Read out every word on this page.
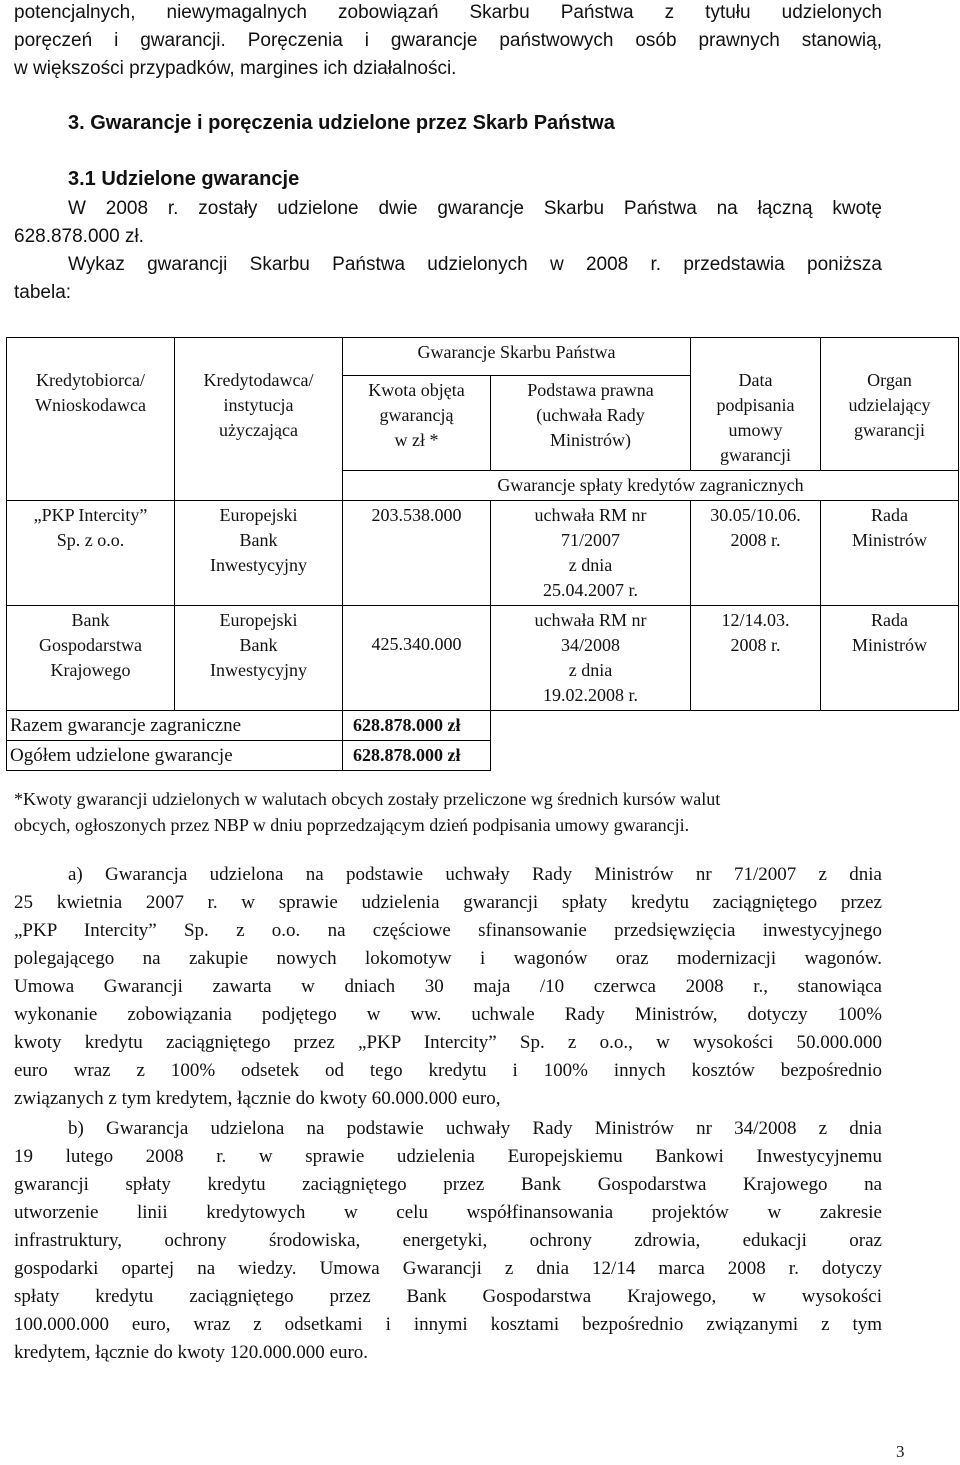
potencjalnych, niewymagalnych zobowiązań Skarbu Państwa z tytułu udzielonych
poręczeń i gwarancji. Poręczenia i gwarancje państwowych osób prawnych stanowią,
w większości przypadków, margines ich działalności.
3. Gwarancje i poręczenia udzielone przez Skarb Państwa
3.1 Udzielone gwarancje
W 2008 r. zostały udzielone dwie gwarancje Skarbu Państwa na łączną kwotę
628.878.000 zł.
Wykaz gwarancji Skarbu Państwa udzielonych w 2008 r. przedstawia poniższa
tabela:
Kredytobiorca/
Wnioskodawca	Kredytodawca/
instytucja
użyczająca	Gwarancje Skarbu Państwa		Data
podpisania
umowy
gwarancji	Organ
udzielający
gwarancji

		Kwota objęta
gwarancją
w zł *	Podstawa prawna
(uchwała Rady
Ministrów)		

		Gwarancje spłaty kredytów zagranicznych			

„PKP Intercity”
Sp. z o.o.	Europejski
Bank
Inwestycyjny	203.538.000	uchwała RM nr
71/2007
z dnia
25.04.2007 r.	30.05/10.06.
2008 r.	Rada
Ministrów

Bank
Gospodarstwa
Krajowego	Europejski
Bank
Inwestycyjny	425.340.000	uchwała RM nr
34/2008
z dnia
19.02.2008 r.	12/14.03.
2008 r.	Rada
Ministrów

Razem gwarancje zagraniczne		628.878.000 zł			
Ogółem udzielone gwarancje		628.878.000 zł			
*Kwoty gwarancji udzielonych w walutach obcych zostały przeliczone wg średnich kursów walut
obcych, ogłoszonych przez NBP w dniu poprzedzającym dzień podpisania umowy gwarancji.
a) Gwarancja udzielona na podstawie uchwały Rady Ministrów nr 71/2007 z dnia
25 kwietnia 2007 r. w sprawie udzielenia gwarancji spłaty kredytu zaciągniętego przez
„PKP Intercity” Sp. z o.o. na częściowe sfinansowanie przedsięwzięcia inwestycyjnego
polegającego na zakupie nowych lokomotyw i wagonów oraz modernizacji wagonów.
Umowa Gwarancji zawarta w dniach 30 maja /10 czerwca 2008 r., stanowiąca
wykonanie zobowiązania podjętego w ww. uchwale Rady Ministrów, dotyczy 100%
kwoty kredytu zaciągniętego przez „PKP Intercity” Sp. z o.o., w wysokości 50.000.000
euro wraz z 100% odsetek od tego kredytu i 100% innych kosztów bezpośrednio
związanych z tym kredytem, łącznie do kwoty 60.000.000 euro,
b) Gwarancja udzielona na podstawie uchwały Rady Ministrów nr 34/2008 z dnia
19 lutego 2008 r. w sprawie udzielenia Europejskiemu Bankowi Inwestycyjnemu
gwarancji spłaty kredytu zaciągniętego przez Bank Gospodarstwa Krajowego na
utworzenie linii kredytowych w celu współfinansowania projektów w zakresie
infrastruktury, ochrony środowiska, energetyki, ochrony zdrowia, edukacji oraz
gospodarki opartej na wiedzy. Umowa Gwarancji z dnia 12/14 marca 2008 r. dotyczy
spłaty kredytu zaciągniętego przez Bank Gospodarstwa Krajowego, w wysokości
100.000.000 euro, wraz z odsetkami i innymi kosztami bezpośrednio związanymi z tym
kredytem, łącznie do kwoty 120.000.000 euro.
3
